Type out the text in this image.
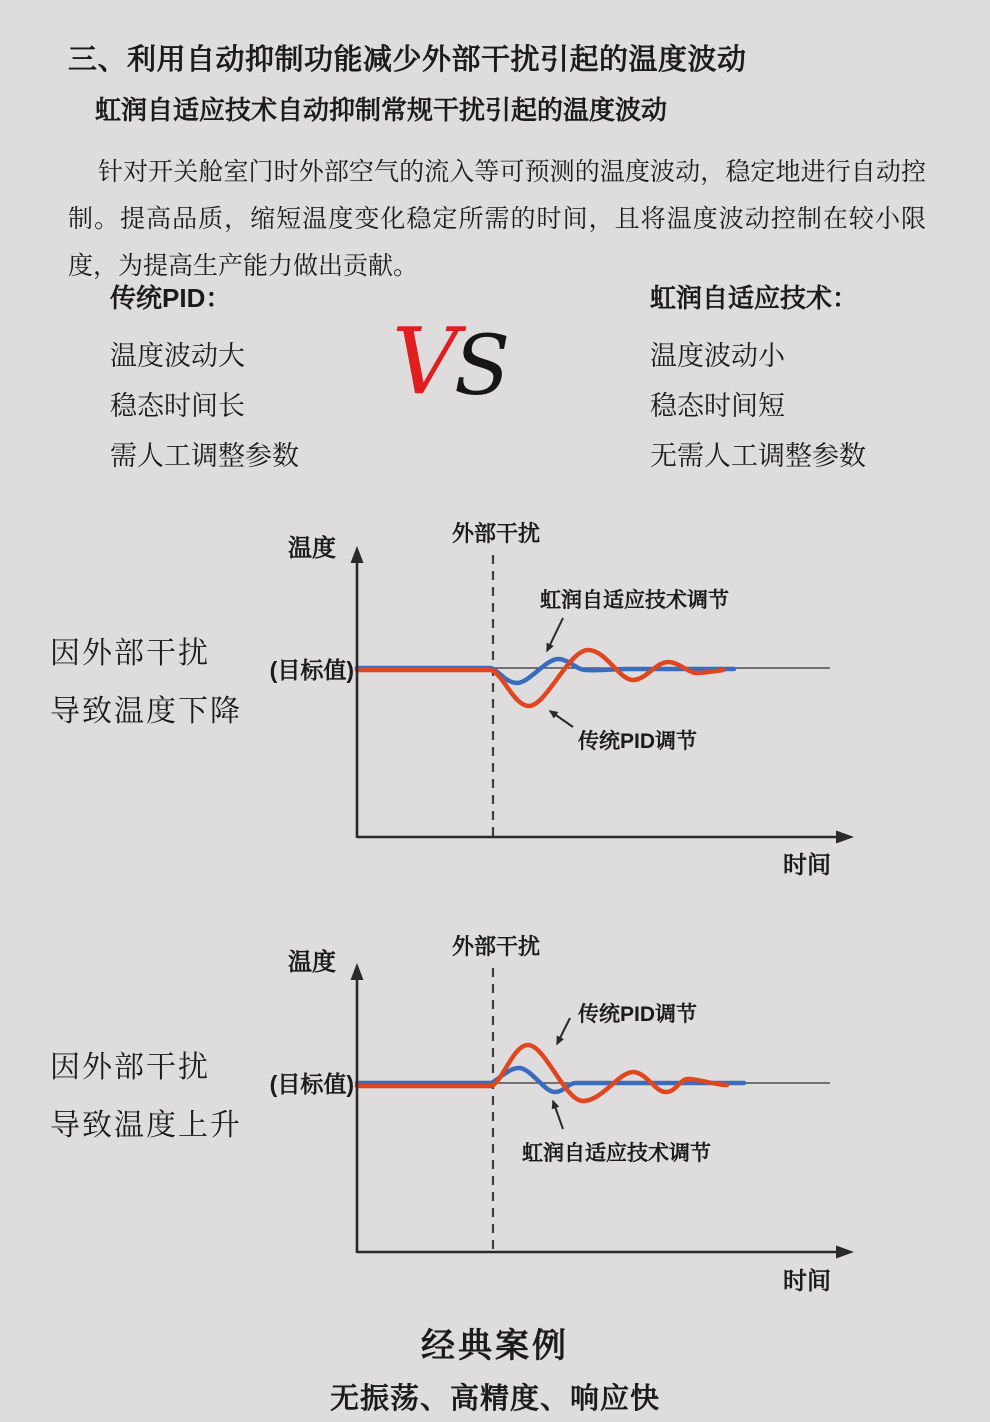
三、利用自动抑制功能减少外部干扰引起的温度波动
虹润自适应技术自动抑制常规干扰引起的温度波动

针对开关舱室门时外部空气的流入等可预测的温度波动，稳定地进行自动控制。提高品质，缩短温度变化稳定所需的时间，且将温度波动控制在较小限度，为提高生产能力做出贡献。

传统PID：
温度波动大
稳态时间长
需人工调整参数
V
S
虹润自适应技术：
温度波动小
稳态时间短
无需人工调整参数
温度
外部干扰
(目标值)
虹润自适应技术调节
传统PID调节
时间
因外部干扰
导致温度下降
温度
外部干扰
(目标值)
传统PID调节
虹润自适应技术调节
时间
因外部干扰
导致温度上升
经典案例
无振荡、高精度、响应快
